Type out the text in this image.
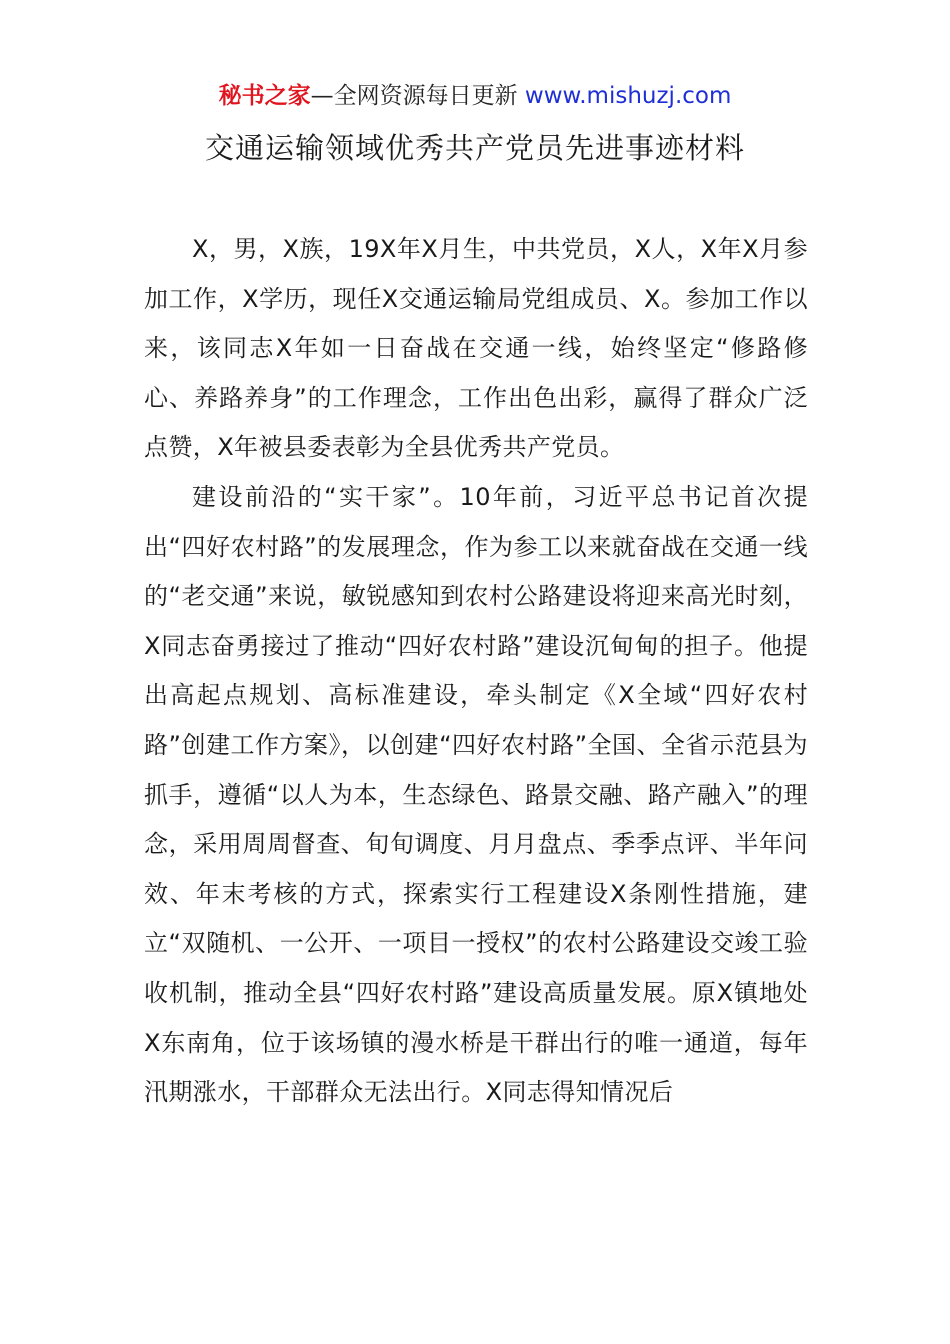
秘书之家—全网资源每日更新 www.mishuzj.com
交通运输领域优秀共产党员先进事迹材料

X，男，X族，19X年X月生，中共党员，X人，X年X月参加工作，X学历，现任X交通运输局党组成员、X。参加工作以来，该同志X年如一日奋战在交通一线，始终坚定“修路修心、养路养身”的工作理念，工作出色出彩，赢得了群众广泛点赞，X年被县委表彰为全县优秀共产党员。

建设前沿的“实干家”。10年前，习近平总书记首次提出“四好农村路”的发展理念，作为参工以来就奋战在交通一线的“老交通”来说，敏锐感知到农村公路建设将迎来高光时刻，X同志奋勇接过了推动“四好农村路”建设沉甸甸的担子。他提出高起点规划、高标准建设，牵头制定《X全域“四好农村路”创建工作方案》，以创建“四好农村路”全国、全省示范县为抓手，遵循“以人为本，生态绿色、路景交融、路产融入”的理念，采用周周督查、旬旬调度、月月盘点、季季点评、半年问效、年末考核的方式，探索实行工程建设X条刚性措施，建立“双随机、一公开、一项目一授权”的农村公路建设交竣工验收机制，推动全县“四好农村路”建设高质量发展。原X镇地处X东南角，位于该场镇的漫水桥是干群出行的唯一通道，每年汛期涨水，干部群众无法出行。X同志得知情况后
